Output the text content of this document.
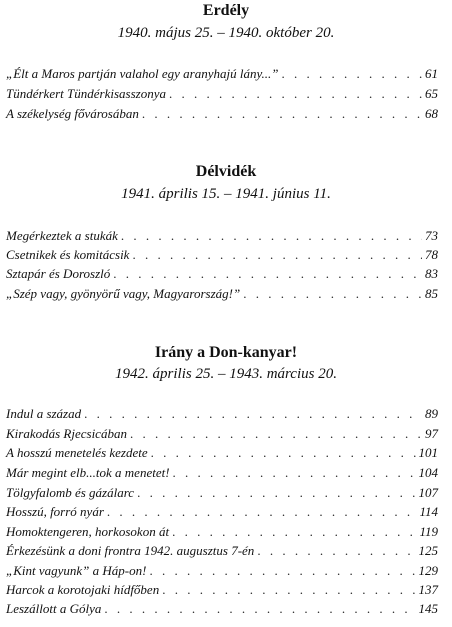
Erdély
1940. május 25. – 1940. október 20.
„Élt a Maros partján valahol egy aranyhajú lány...” . . .	61
Tündérkert Tündérkisasszonya . . .	65
A székelység fővárosában . . .	68
Délvidék
1941. április 15. – 1941. június 11.
Megérkeztek a stukák . . .	73
Csetnikek és komitácsik . . .	78
Sztapár és Doroszló . . .	83
„Szép vagy, gyönyörű vagy, Magyarország!” . . .	85
Irány a Don-kanyar!
1942. április 25. – 1943. március 20.
Indul a század . . .	89
Kirakodás Rjecsicában . . .	97
A hosszú menetelés kezdete . . .	101
Már megint elb...tok a menetet! . . .	104
Tölgyfalomb és gázálarc . . .	107
Hosszú, forró nyár . . .	114
Homoktengeren, horkosokon át . . .	119
Érkezésünk a doni frontra 1942. augusztus 7-én . . .	125
„Kint vagyunk” a Háp-on! . . .	129
Harcok a korotojaki hídfőben . . .	137
Leszállott a Gólya . . .	145
